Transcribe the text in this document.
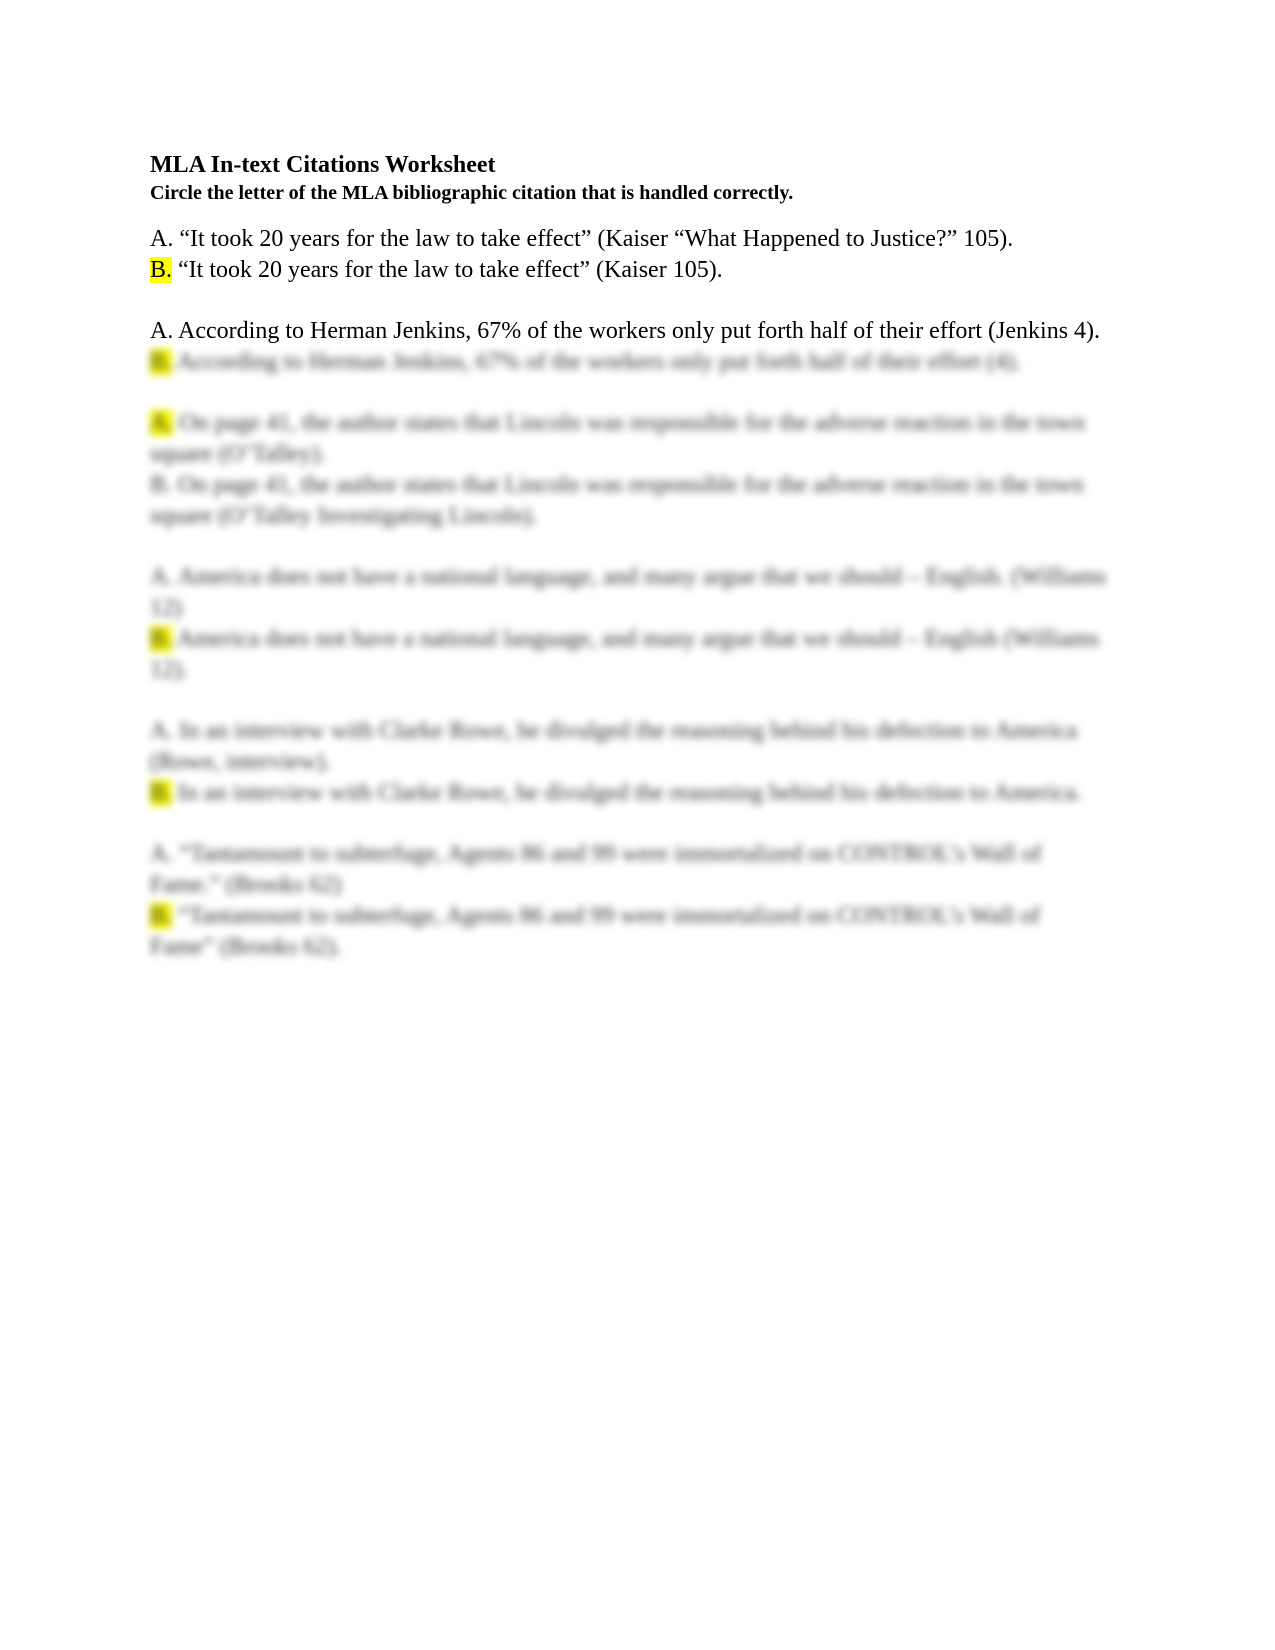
MLA In-text Citations Worksheet

Circle the letter of the MLA bibliographic citation that is handled correctly.

A. “It took 20 years for the law to take effect” (Kaiser “What Happened to Justice?” 105).

B. “It took 20 years for the law to take effect” (Kaiser 105).

A. According to Herman Jenkins, 67% of the workers only put forth half of their effort (Jenkins 4).

B. According to Herman Jenkins, 67% of the workers only put forth half of their effort (4).

A. On page 41, the author states that Lincoln was responsible for the adverse reaction in the town square (O’Talley).

B. On page 41, the author states that Lincoln was responsible for the adverse reaction in the town square (O’Talley Investigating Lincoln).

A. America does not have a national language, and many argue that we should – English. (Williams 12)

B. America does not have a national language, and many argue that we should – English (Williams 12).

A. In an interview with Clarke Rowe, he divulged the reasoning behind his defection to America (Rowe, interview).

B. In an interview with Clarke Rowe, he divulged the reasoning behind his defection to America.

A. “Tantamount to subterfuge, Agents 86 and 99 were immortalized on CONTROL’s Wall of Fame.” (Brooks 62)

B. “Tantamount to subterfuge, Agents 86 and 99 were immortalized on CONTROL’s Wall of Fame” (Brooks 62).
